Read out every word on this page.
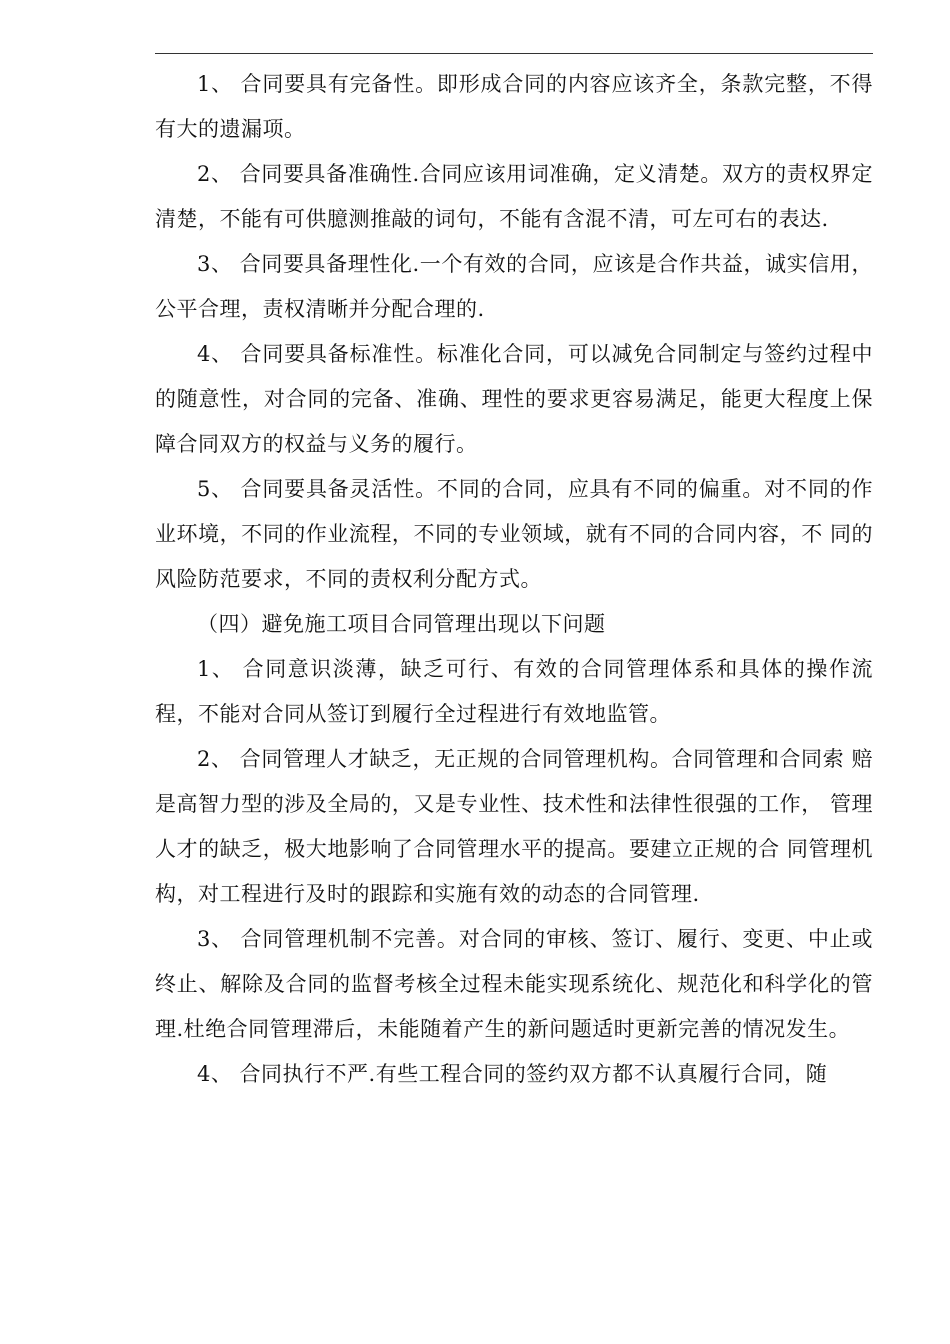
1、 合同要具有完备性。即形成合同的内容应该齐全，条款完整，不得有大的遗漏项。

2、 合同要具备准确性.合同应该用词准确，定义清楚。双方的责权界定清楚，不能有可供臆测推敲的词句，不能有含混不清，可左可右的表达.

3、 合同要具备理性化.一个有效的合同，应该是合作共益，诚实信用，公平合理，责权清晰并分配合理的.

4、 合同要具备标准性。标准化合同，可以减免合同制定与签约过程中的随意性，对合同的完备、准确、理性的要求更容易满足，能更大程度上保障合同双方的权益与义务的履行。

5、 合同要具备灵活性。不同的合同，应具有不同的偏重。对不同的作业环境，不同的作业流程，不同的专业领域，就有不同的合同内容，不 同的风险防范要求，不同的责权利分配方式。

（四）避免施工项目合同管理出现以下问题

1、 合同意识淡薄，缺乏可行、有效的合同管理体系和具体的操作流程，不能对合同从签订到履行全过程进行有效地监管。

2、 合同管理人才缺乏，无正规的合同管理机构。合同管理和合同索 赔是高智力型的涉及全局的，又是专业性、技术性和法律性很强的工作， 管理人才的缺乏，极大地影响了合同管理水平的提高。要建立正规的合 同管理机构，对工程进行及时的跟踪和实施有效的动态的合同管理.

3、 合同管理机制不完善。对合同的审核、签订、履行、变更、中止或终止、解除及合同的监督考核全过程未能实现系统化、规范化和科学化的管理.杜绝合同管理滞后，未能随着产生的新问题适时更新完善的情况发生。

4、 合同执行不严.有些工程合同的签约双方都不认真履行合同，随
